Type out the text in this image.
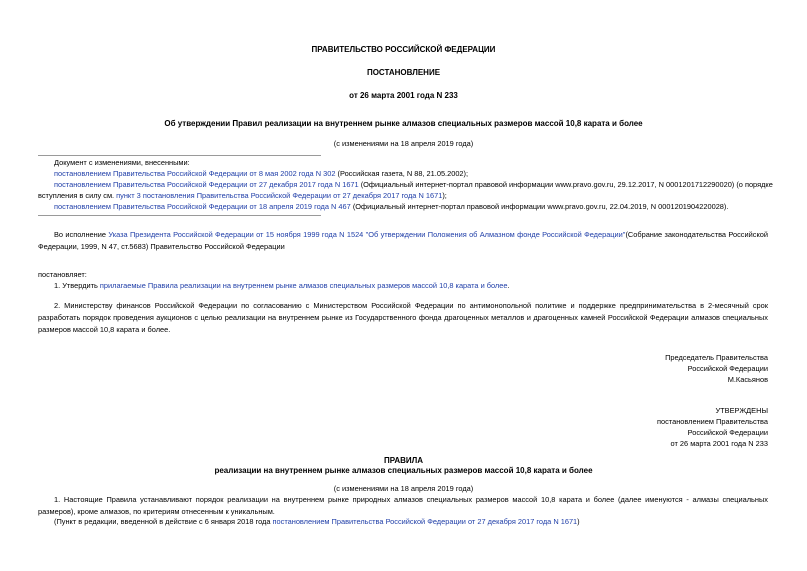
ПРАВИТЕЛЬСТВО РОССИЙСКОЙ ФЕДЕРАЦИИ
ПОСТАНОВЛЕНИЕ
от 26 марта 2001 года N 233
Об утверждении Правил реализации на внутреннем рынке алмазов специальных размеров массой 10,8 карата и более
(с изменениями на 18 апреля 2019 года)
Документ с изменениями, внесенными:
постановлением Правительства Российской Федерации от 8 мая 2002 года N 302 (Российская газета, N 88, 21.05.2002);
постановлением Правительства Российской Федерации от 27 декабря 2017 года N 1671 (Официальный интернет-портал правовой информации www.pravo.gov.ru, 29.12.2017, N 0001201712290020) (о порядке
вступления в силу см. пункт 3 постановления Правительства Российской Федерации от 27 декабря 2017 года N 1671);
постановлением Правительства Российской Федерации от 18 апреля 2019 года N 467 (Официальный интернет-портал правовой информации www.pravo.gov.ru, 22.04.2019, N 0001201904220028).
Во исполнение Указа Президента Российской Федерации от 15 ноября 1999 года N 1524 "Об утверждении Положения об Алмазном фонде Российской Федерации"(Собрание законодательства Российской Федерации, 1999, N 47, ст.5683) Правительство Российской Федерации
постановляет:
1. Утвердить прилагаемые Правила реализации на внутреннем рынке алмазов специальных размеров массой 10,8 карата и более.
2. Министерству финансов Российской Федерации по согласованию с Министерством Российской Федерации по антимонопольной политике и поддержке предпринимательства в 2-месячный срок разработать порядок проведения аукционов с целью реализации на внутреннем рынке из Государственного фонда драгоценных металлов и драгоценных камней Российской Федерации алмазов специальных размеров массой 10,8 карата и более.
Председатель Правительства
Российской Федерации
М.Касьянов
УТВЕРЖДЕНЫ
постановлением Правительства
Российской Федерации
от 26 марта 2001 года N 233
ПРАВИЛА
реализации на внутреннем рынке алмазов специальных размеров массой 10,8 карата и более
(с изменениями на 18 апреля 2019 года)
1. Настоящие Правила устанавливают порядок реализации на внутреннем рынке природных алмазов специальных размеров массой 10,8 карата и более (далее именуются - алмазы специальных размеров), кроме алмазов, по критериям отнесенным к уникальным.
(Пункт в редакции, введенной в действие с 6 января 2018 года постановлением Правительства Российской Федерации от 27 декабря 2017 года N 1671)
